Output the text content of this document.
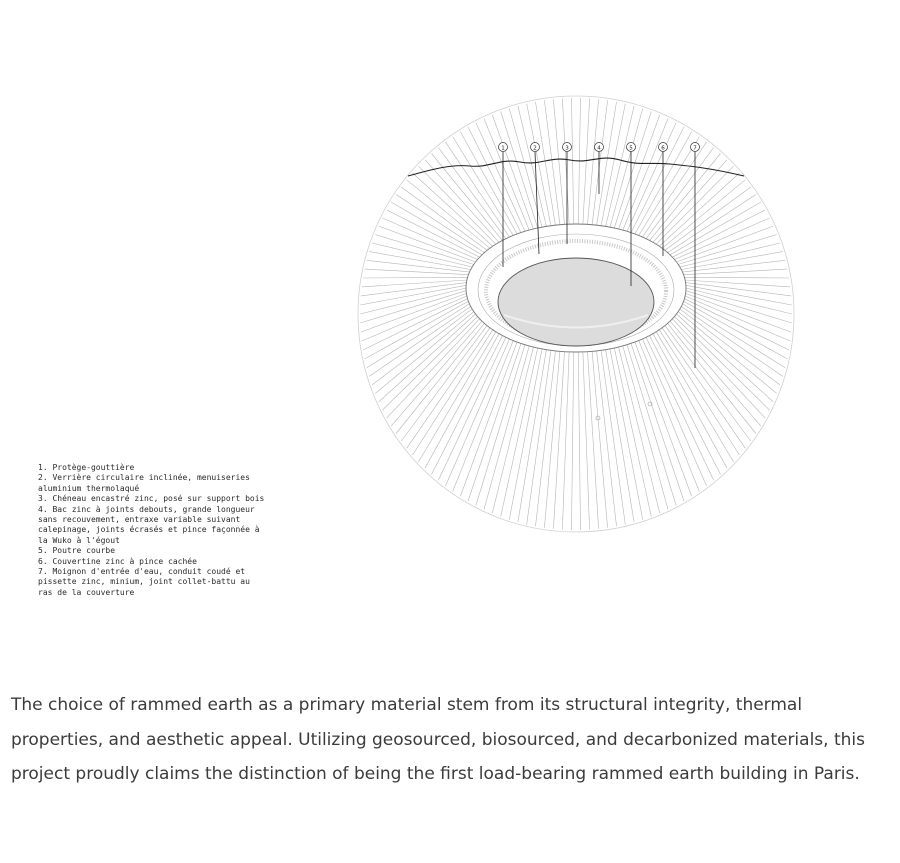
1	2	3	4	5	6	7
1. Protège-gouttière
2. Verrière circulaire inclinée, menuiseries
aluminium thermolaqué
3. Chéneau encastré zinc, posé sur support bois
4. Bac zinc à joints debouts, grande longueur
sans recouvement, entraxe variable suivant
calepinage, joints écrasés et pince façonnée à
la Wuko à l'égout
5. Poutre courbe
6. Couvertine zinc à pince cachée
7. Moignon d'entrée d'eau, conduit coudé et
pissette zinc, minium, joint collet-battu au
ras de la couverture

The choice of rammed earth as a primary material stem from its structural integrity, thermal properties, and aesthetic appeal. Utilizing geosourced, biosourced, and decarbonized materials, this project proudly claims the distinction of being the first load-bearing rammed earth building in Paris.
